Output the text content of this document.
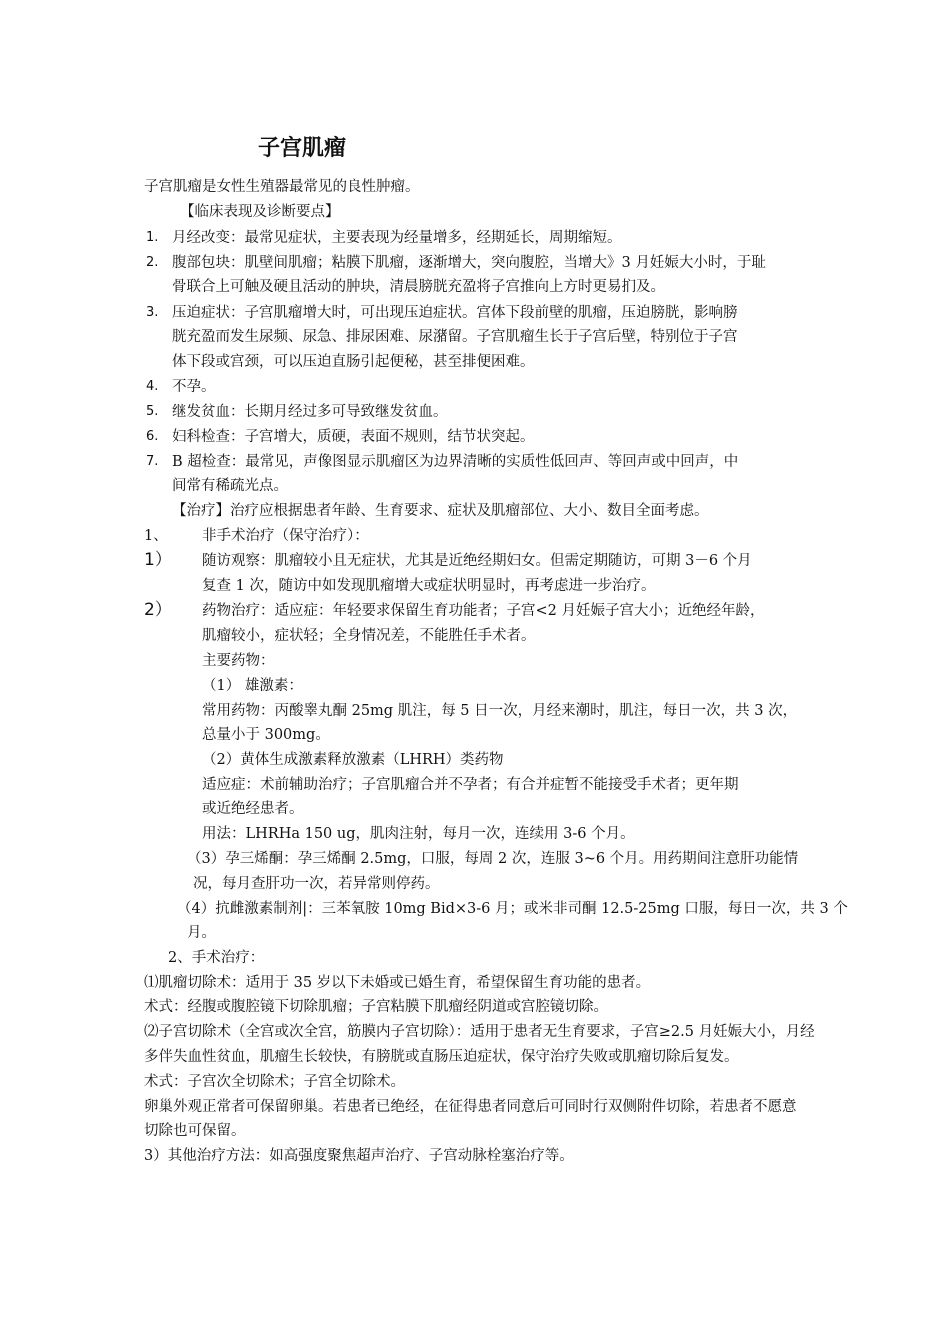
子宫肌瘤
子宫肌瘤是女性生殖器最常见的良性肿瘤。
【临床表现及诊断要点】
1. 月经改变：最常见症状，主要表现为经量增多，经期延长，周期缩短。
2. 腹部包块：肌壁间肌瘤；粘膜下肌瘤，逐渐增大，突向腹腔，当增大》3 月妊娠大小时，于耻
骨联合上可触及硬且活动的肿块，清晨膀胱充盈将子宫推向上方时更易扪及。
3. 压迫症状：子宫肌瘤增大时，可出现压迫症状。宫体下段前壁的肌瘤，压迫膀胱，影响膀
胱充盈而发生尿频、尿急、排尿困难、尿潴留。子宫肌瘤生长于子宫后壁，特别位于子宫
体下段或宫颈，可以压迫直肠引起便秘，甚至排便困难。
4. 不孕。
5. 继发贫血：长期月经过多可导致继发贫血。
6. 妇科检查：子宫增大，质硬，表面不规则，结节状突起。
7. B 超检查：最常见，声像图显示肌瘤区为边界清晰的实质性低回声、等回声或中回声，中
间常有稀疏光点。
【治疗】治疗应根据患者年龄、生育要求、症状及肌瘤部位、大小、数目全面考虑。
1、 非手术治疗（保守治疗）：
1） 随访观察：肌瘤较小且无症状，尤其是近绝经期妇女。但需定期随访，可期 3－6 个月
复查 1 次，随访中如发现肌瘤增大或症状明显时，再考虑进一步治疗。
2） 药物治疗：适应症：年轻要求保留生育功能者；子宫<2 月妊娠子宫大小；近绝经年龄，
肌瘤较小，症状轻；全身情况差，不能胜任手术者。
主要药物：
（1） 雄激素：
常用药物：丙酸睾丸酮 25mg 肌注，每 5 日一次，月经来潮时，肌注，每日一次，共 3 次，
总量小于 300mg。
（2）黄体生成激素释放激素（LHRH）类药物
适应症：术前辅助治疗；子宫肌瘤合并不孕者；有合并症暂不能接受手术者；更年期
或近绝经患者。
用法：LHRHa 150 ug，肌肉注射，每月一次，连续用 3-6 个月。
（3）孕三烯酮：孕三烯酮 2.5mg，口服，每周 2 次，连服 3~6 个月。用药期间注意肝功能情
况，每月查肝功一次，若异常则停药。
（4）抗雌激素制剂|：三苯氧胺 10mg Bid×3-6 月；或米非司酮 12.5-25mg 口服，每日一次，共 3 个
月。
2、手术治疗：
⑴肌瘤切除术：适用于 35 岁以下未婚或已婚生育，希望保留生育功能的患者。
术式：经腹或腹腔镜下切除肌瘤；子宫粘膜下肌瘤经阴道或宫腔镜切除。
⑵子宫切除术（全宫或次全宫，筋膜内子宫切除）：适用于患者无生育要求，子宫≥2.5 月妊娠大小，月经
多伴失血性贫血，肌瘤生长较快，有膀胱或直肠压迫症状，保守治疗失败或肌瘤切除后复发。
术式：子宫次全切除术；子宫全切除术。
卵巢外观正常者可保留卵巢。若患者已绝经，在征得患者同意后可同时行双侧附件切除，若患者不愿意
切除也可保留。
3）其他治疗方法：如高强度聚焦超声治疗、子宫动脉栓塞治疗等。
